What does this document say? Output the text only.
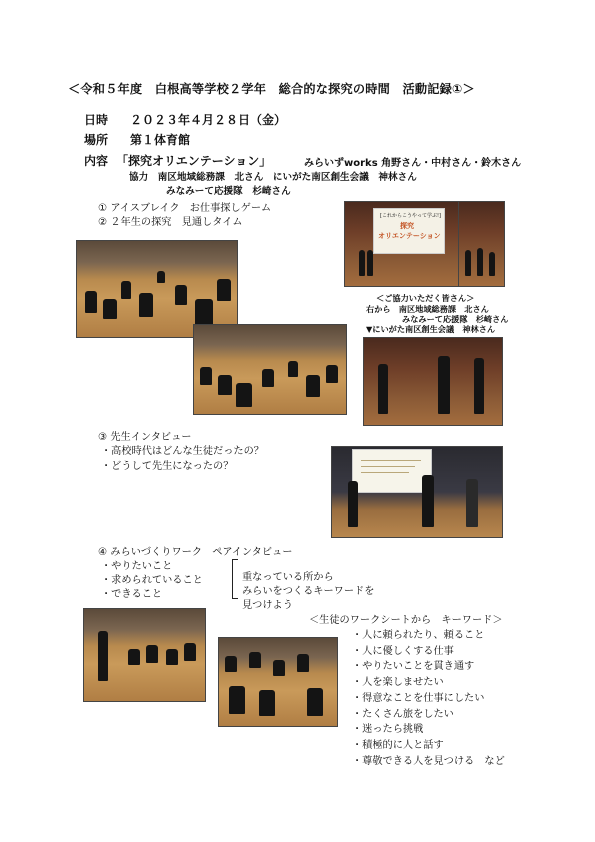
＜令和５年度　白根高等学校２学年　総合的な探究の時間　活動記録①＞
日時 ２０２３年４月２８日（金）
場所 第１体育館
内容 「探究オリエンテーション」	みらいずworks 角野さん・中村さん・鈴木さん
協力　南区地域総務課　北さん　にいがた南区創生会議　神林さん
みなみーて応援隊　杉崎さん
① アイスブレイク　お仕事探しゲーム
② ２年生の探究　見通しタイム
[これからこうやって学ぶ!]
探究
オリエンテーション
＜ご協力いただく皆さん＞
右から　南区地域総務課　北さん
みなみーて応援隊　杉崎さん
▼にいがた南区創生会議　神林さん
③ 先生インタビュー
・高校時代はどんな生徒だったの？
・どうして先生になったの？
④ みらいづくりワーク　ペアインタビュー
・やりたいこと
・求められていること
・できること
重なっている所から
みらいをつくるキーワードを
見つけよう
＜生徒のワークシートから　キーワード＞
・人に頼られたり、頼ること
・人に優しくする仕事
・やりたいことを貫き通す
・人を楽しませたい
・得意なことを仕事にしたい
・たくさん旅をしたい
・迷ったら挑戦
・積極的に人と話す
・尊敬できる人を見つける　など
